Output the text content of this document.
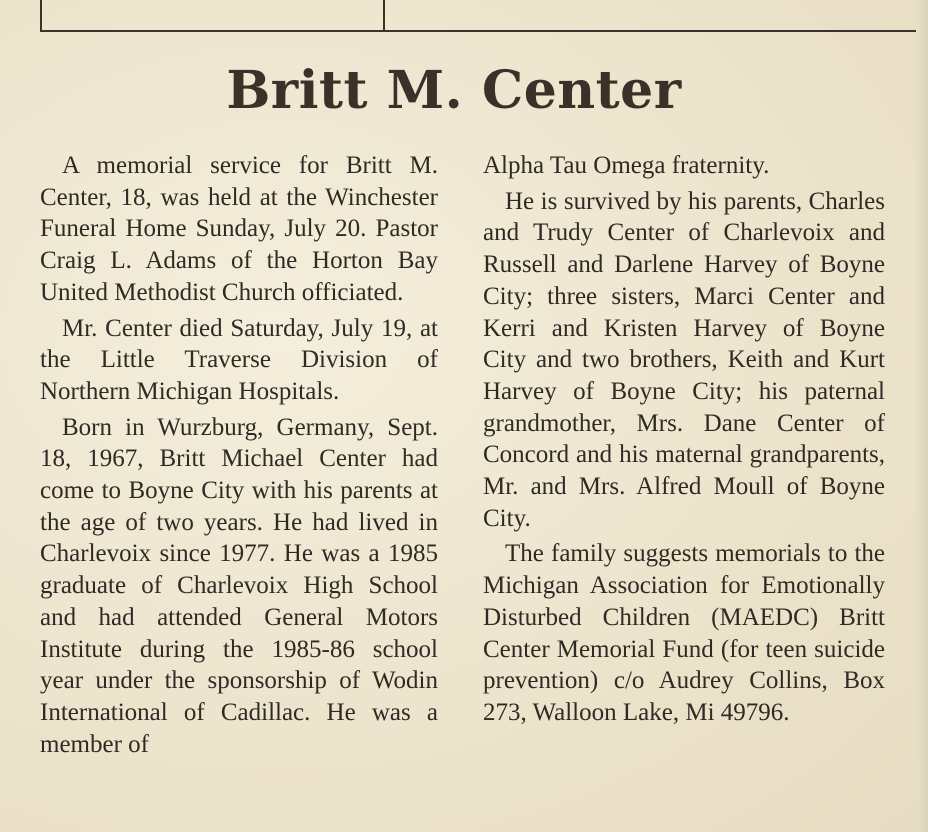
Britt M. Center

A memorial service for Britt M. Center, 18, was held at the Winchester Funeral Home Sunday, July 20. Pastor Craig L. Adams of the Horton Bay United Methodist Church officiated.

Mr. Center died Saturday, July 19, at the Little Traverse Division of Northern Michigan Hospitals.

Born in Wurzburg, Germany, Sept. 18, 1967, Britt Michael Center had come to Boyne City with his parents at the age of two years. He had lived in Charlevoix since 1977. He was a 1985 graduate of Charlevoix High School and had attended General Motors Institute during the 1985-86 school year under the sponsorship of Wodin International of Cadillac. He was a member of

Alpha Tau Omega fraternity.

He is survived by his parents, Charles and Trudy Center of Charlevoix and Russell and Darlene Harvey of Boyne City; three sisters, Marci Center and Kerri and Kristen Harvey of Boyne City and two brothers, Keith and Kurt Harvey of Boyne City; his paternal grandmother, Mrs. Dane Center of Concord and his maternal grandparents, Mr. and Mrs. Alfred Moull of Boyne City.

The family suggests memorials to the Michigan Association for Emotionally Disturbed Children (MAEDC) Britt Center Memorial Fund (for teen suicide prevention) c/o Audrey Collins, Box 273, Walloon Lake, Mi 49796.
